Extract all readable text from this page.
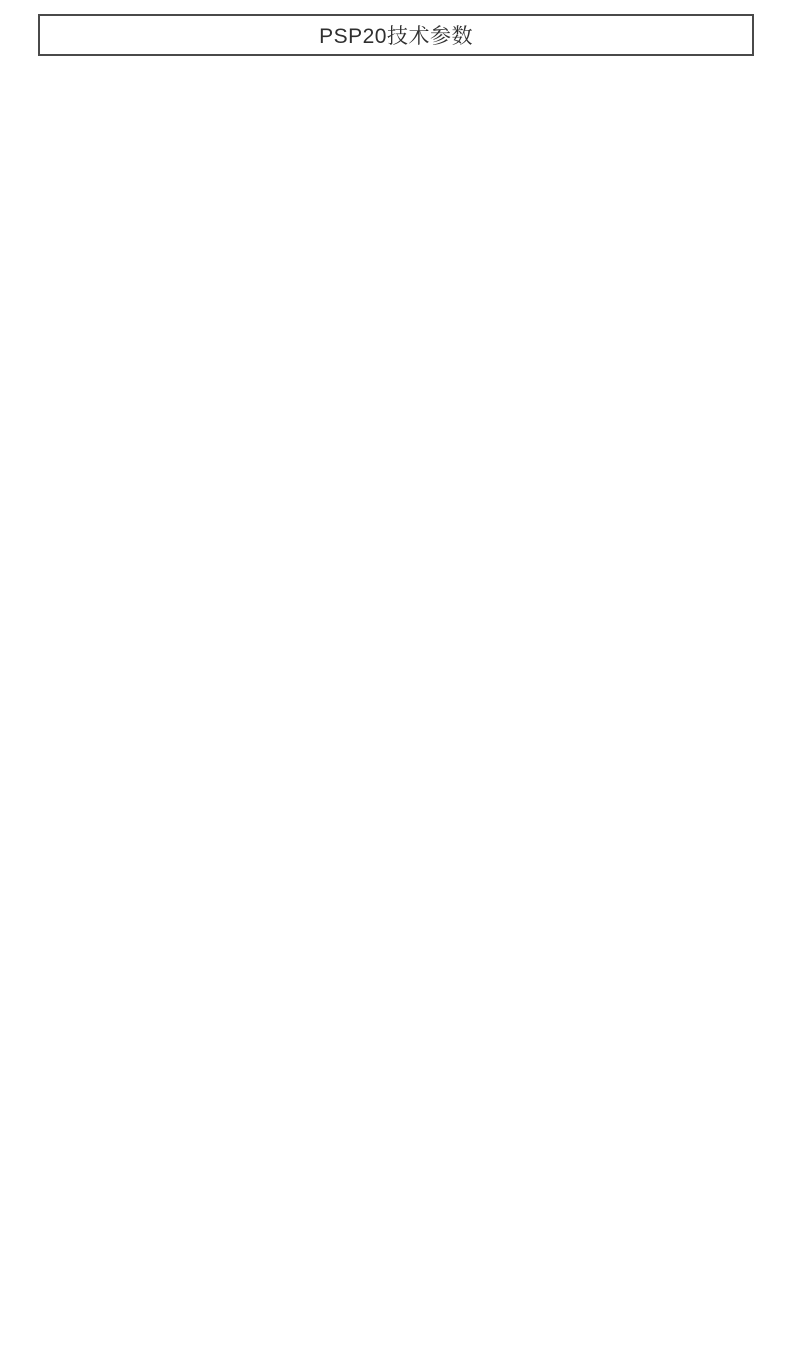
PSP20技术参数
